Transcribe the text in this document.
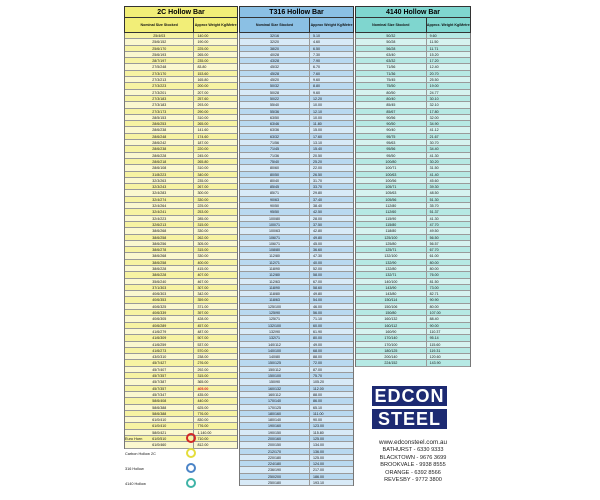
2C Hollow Bar
Nominal Size Stocked	Approx Weight Kg/Metre
25/4/03	140.00
25/6/152	190.00
25/6/170	225.00
25/6/193	265.00
28/7/197	235.00
27/5/248	83.80
27/3/170	153.60
27/3/213	165.80
27/3/223	200.00
27/3/201	207.00
27/3/183	257.60
27/3/183	293.00
27/3/173	290.00
28/5/153	310.00
28/6/253	265.00
28/6/238	141.60
28/6/248	174.60
28/6/242	187.00
28/6/238	220.00
28/6/228	245.00
28/6/218	265.80
28/6/108	310.00
31/8/223	340.00
32/3/263	235.00
32/3/243	267.00
32/4/283	300.00
32/4/274	330.00
32/4/264	225.00
32/4/241	253.00
32/4/223	285.00
32/6/213	315.00
38/6/268	330.00
38/6/258	262.00
38/6/256	305.00
38/6/278	315.00
38/6/268	330.00
38/6/258	400.00
38/6/228	415.00
38/6/228	407.00
35/6/240	467.00
37/1/303	307.00
40/6/303	342.00
40/6/353	359.00
40/6/325	371.00
40/6/339	397.00
40/6/305	428.00
40/6/289	457.00
41/6/279	487.00
41/6/309	507.00
41/6/259	537.00
41/6/273	570.00
43/0/310	238.00
45/7/427	276.00
45/7/407	292.00
45/7/357	315.00
45/7/387	365.00
45/7/357	405.00
45/7/347	435.00
58/6/408	440.00
58/6/388	625.00
58/6/388	776.00
61/0/410	830.00
61/0/410	776.00
58/0/421	1,140.00
61/0/510	710.00
61/0/460	812.00
T316 Hollow Bar
Nominal Size Stocked	Approx Weight Kg/Metre
32/16	5.10
32/20	4.60
38/20	6.50
40/28	7.30
43/28	7.90
45/32	6.70
45/28	7.60
45/20	9.60
50/32	8.80
50/28	9.60
50/22	12.20
55/40	10.00
55/36	12.10
63/50	10.00
63/46	11.80
63/36	15.00
63/32	17.60
71/56	13.10
71/45	15.40
71/36	20.50
75/40	25.20
80/60	22.00
80/50	26.50
80/40	31.70
85/45	33.70
85/71	29.80
90/63	37.40
90/50	38.40
95/50	42.50
100/80	28.00
100/71	37.50
100/63	42.80
106/71	49.80
106/71	45.00
108/80	36.60
112/80	47.30
112/71	40.00
118/90	52.00
112/80	58.00
112/63	67.00
118/90	58.60
118/80	49.80
118/63	54.00
125/100	46.00
125/90	56.00
125/71	71.10
132/100	60.00
132/90	61.90
132/71	80.00
140/112	49.00
140/100	68.00
140/80	88.00
150/125	72.00
150/112	87.00
150/100	75.70
150/90	105.20
160/132	112.00
160/112	88.00
170/140	86.00
170/125	65.10
180/160	111.00
180/140	90.00
190/160	123.00
190/150	115.80
200/160	125.00
200/150	134.00
212/170	136.00
220/180	125.00
224/180	124.00
236/190	217.00
250/200	186.00
250/180	193.10
4140 Hollow Bar
Nominal Size Stocked	Approx. Weight Kg/Metre
50/32	9.60
50/28	11.50
56/28	11.71
63/40	15.20
63/32	17.20
71/56	12.40
71/36	20.70
75/45	25.50
75/50	19.00
80/50	24.77
80/40	30.10
85/45	32.10
85/67	17.80
90/56	32.00
90/50	34.90
90/40	41.12
95/75	21.67
95/63	30.70
95/56	34.40
95/50	41.30
100/80	30.20
100/71	31.50
100/63	41.40
100/56	45.60
105/71	39.30
105/63	48.50
105/56	51.30
112/80	35.70
112/60	51.37
115/90	41.30
115/80	47.70
118/80	49.50
125/100	56.50
125/80	56.57
125/71	67.70
132/100	61.00
132/90	80.00
132/80	80.00
132/71	76.00
140/100	81.50
143/90	73.00
143/80	82.71
150/114	90.90
150/106	80.00
150/80	107.00
160/132	88.40
160/112	90.00
160/90	110.37
170/140	95.14
170/100	115.60
180/125	119.31
200/140	120.60
224/152	143.90
Euro Horn
Carbon Hollow 2C
316 Hollow
4140 Hollow
EDCON
STEEL
www.edconsteel.com.au
BATHURST - 6330 9333
BLACKTOWN - 9676 3699
BROOKVALE - 9938 8555
ORANGE - 6392 8566
REVESBY - 9772 3800
